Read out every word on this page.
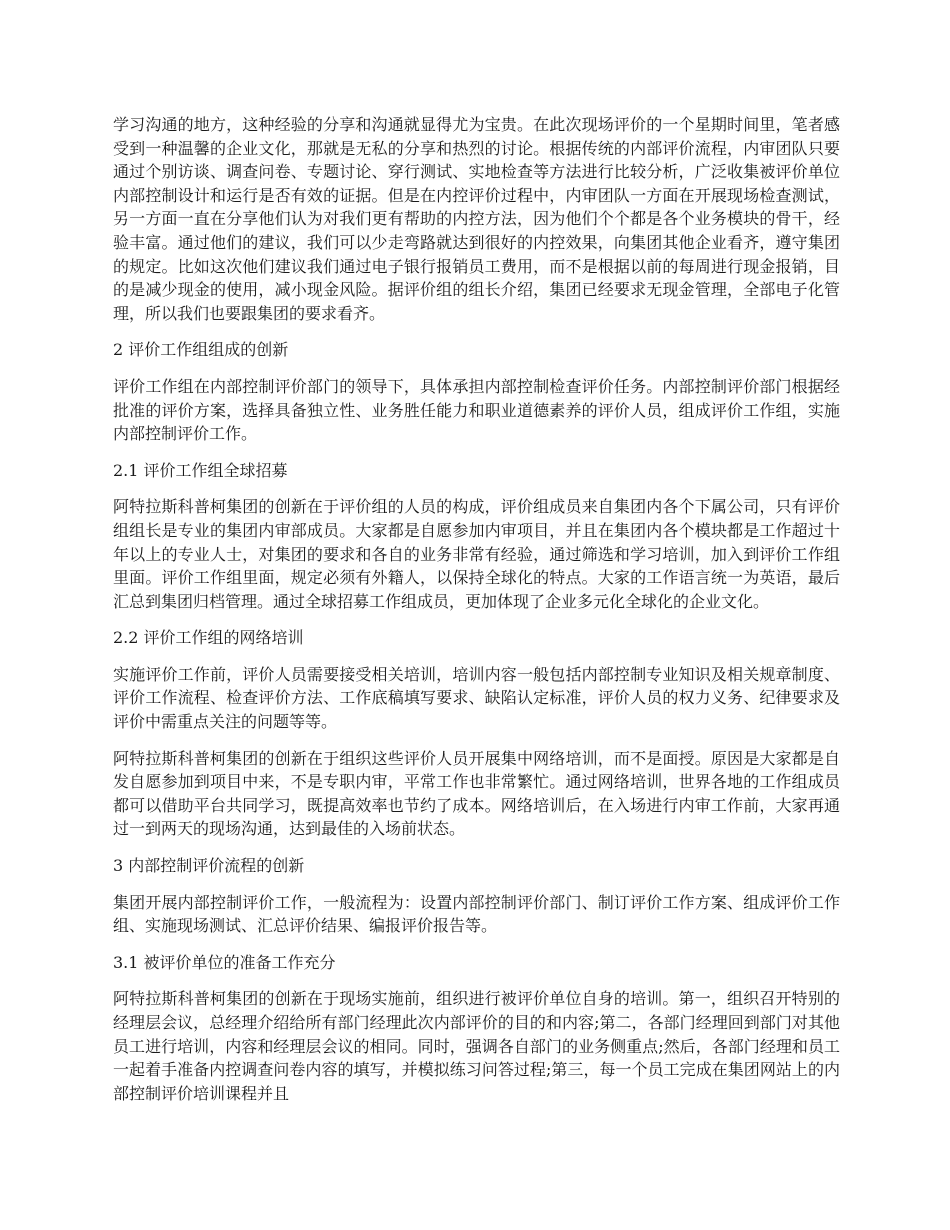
学习沟通的地方，这种经验的分享和沟通就显得尤为宝贵。在此次现场评价的一个星期时间里，笔者感受到一种温馨的企业文化，那就是无私的分享和热烈的讨论。根据传统的内部评价流程，内审团队只要通过个别访谈、调查问卷、专题讨论、穿行测试、实地检查等方法进行比较分析，广泛收集被评价单位内部控制设计和运行是否有效的证据。但是在内控评价过程中，内审团队一方面在开展现场检查测试，另一方面一直在分享他们认为对我们更有帮助的内控方法，因为他们个个都是各个业务模块的骨干，经验丰富。通过他们的建议，我们可以少走弯路就达到很好的内控效果，向集团其他企业看齐，遵守集团的规定。比如这次他们建议我们通过电子银行报销员工费用，而不是根据以前的每周进行现金报销，目的是减少现金的使用，减小现金风险。据评价组的组长介绍，集团已经要求无现金管理，全部电子化管理，所以我们也要跟集团的要求看齐。

2 评价工作组组成的创新

评价工作组在内部控制评价部门的领导下，具体承担内部控制检查评价任务。内部控制评价部门根据经批准的评价方案，选择具备独立性、业务胜任能力和职业道德素养的评价人员，组成评价工作组，实施内部控制评价工作。

2.1 评价工作组全球招募

阿特拉斯科普柯集团的创新在于评价组的人员的构成，评价组成员来自集团内各个下属公司，只有评价组组长是专业的集团内审部成员。大家都是自愿参加内审项目，并且在集团内各个模块都是工作超过十年以上的专业人士，对集团的要求和各自的业务非常有经验，通过筛选和学习培训，加入到评价工作组里面。评价工作组里面，规定必须有外籍人，以保持全球化的特点。大家的工作语言统一为英语，最后汇总到集团归档管理。通过全球招募工作组成员，更加体现了企业多元化全球化的企业文化。

2.2 评价工作组的网络培训

实施评价工作前，评价人员需要接受相关培训，培训内容一般包括内部控制专业知识及相关规章制度、评价工作流程、检查评价方法、工作底稿填写要求、缺陷认定标准，评价人员的权力义务、纪律要求及评价中需重点关注的问题等等。

阿特拉斯科普柯集团的创新在于组织这些评价人员开展集中网络培训，而不是面授。原因是大家都是自发自愿参加到项目中来，不是专职内审，平常工作也非常繁忙。通过网络培训，世界各地的工作组成员都可以借助平台共同学习，既提高效率也节约了成本。网络培训后，在入场进行内审工作前，大家再通过一到两天的现场沟通，达到最佳的入场前状态。

3 内部控制评价流程的创新

集团开展内部控制评价工作，一般流程为：设置内部控制评价部门、制订评价工作方案、组成评价工作组、实施现场测试、汇总评价结果、编报评价报告等。

3.1 被评价单位的准备工作充分

阿特拉斯科普柯集团的创新在于现场实施前，组织进行被评价单位自身的培训。第一，组织召开特别的经理层会议，总经理介绍给所有部门经理此次内部评价的目的和内容;第二，各部门经理回到部门对其他员工进行培训，内容和经理层会议的相同。同时，强调各自部门的业务侧重点;然后，各部门经理和员工一起着手准备内控调查问卷内容的填写，并模拟练习问答过程;第三，每一个员工完成在集团网站上的内部控制评价培训课程并且
